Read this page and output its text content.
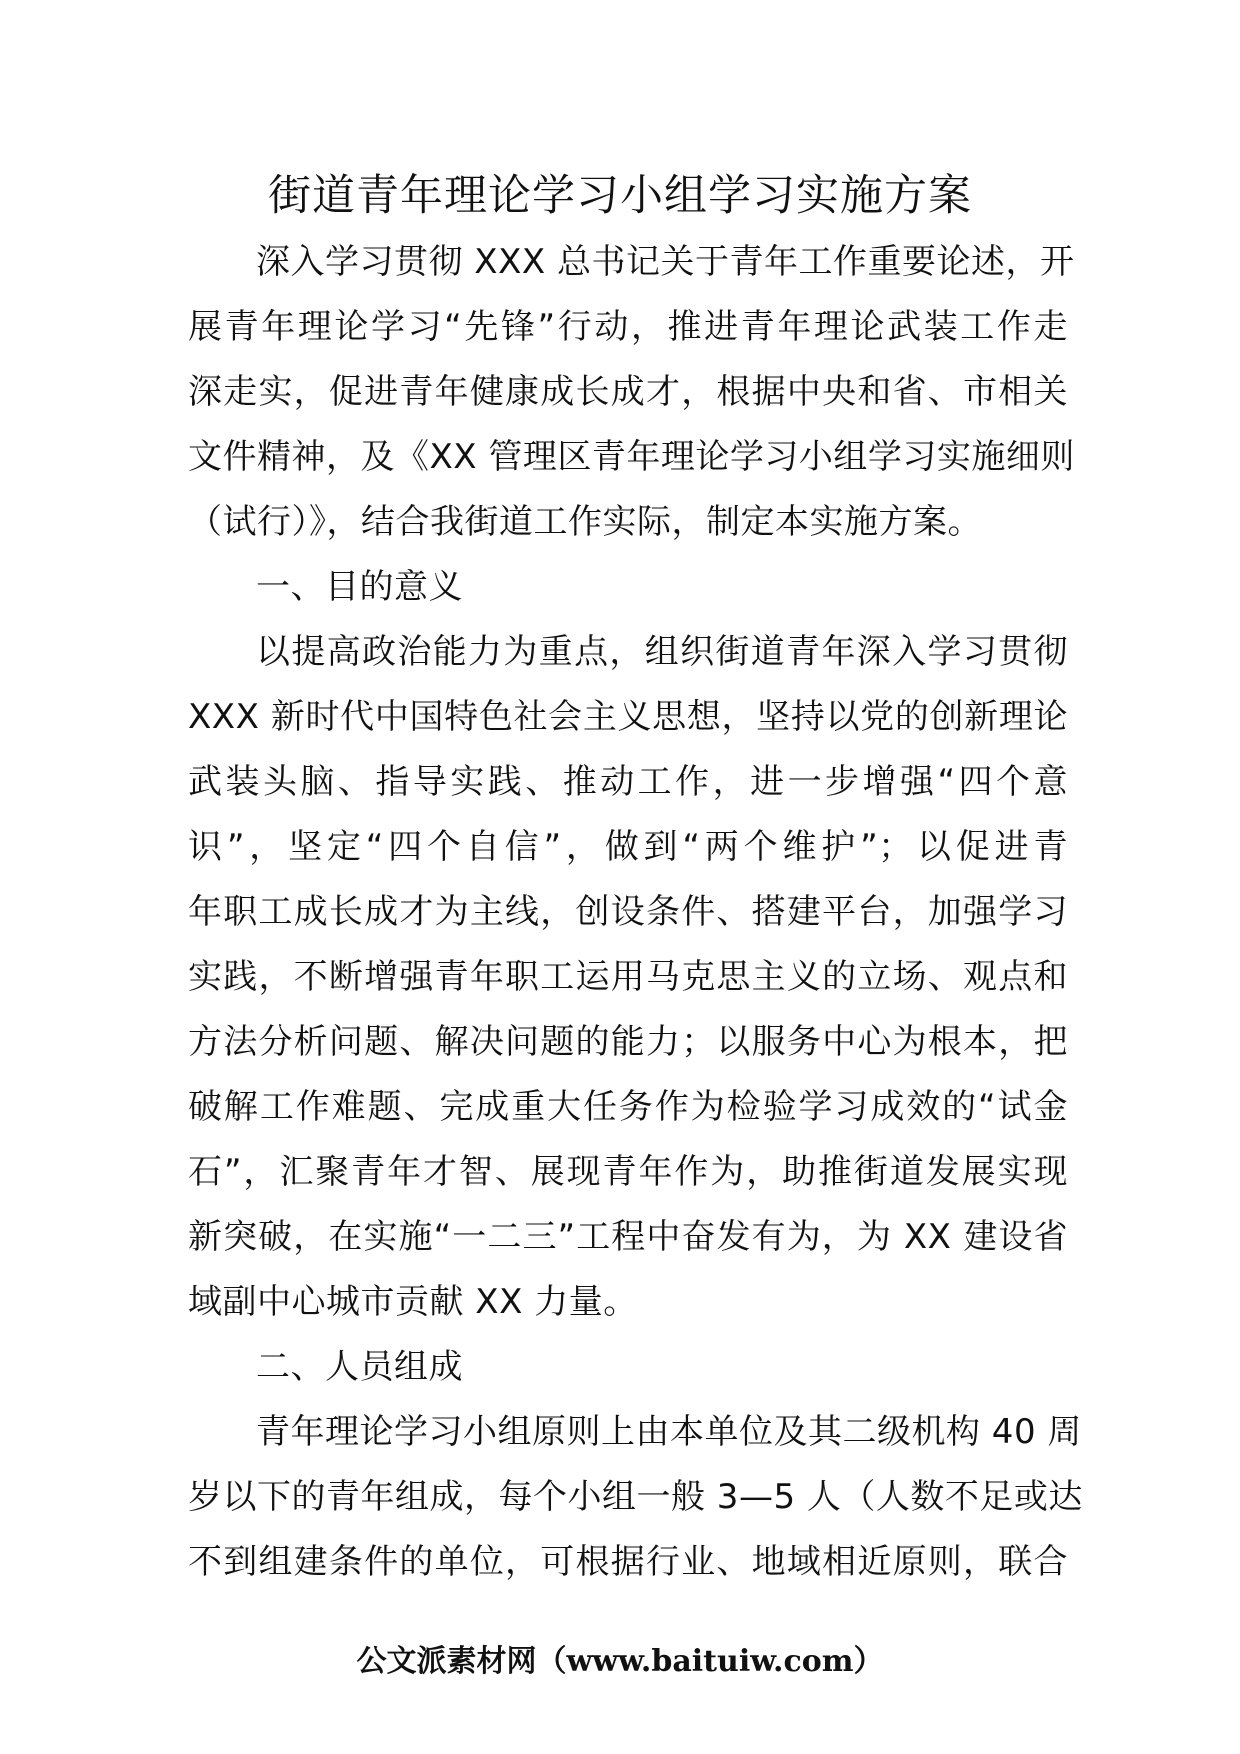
街道青年理论学习小组学习实施方案
深入学习贯彻 XXX 总书记关于青年工作重要论述，开
展青年理论学习“先锋”行动，推进青年理论武装工作走
深走实，促进青年健康成长成才，根据中央和省、市相关
文件精神，及《XX 管理区青年理论学习小组学习实施细则
（试行）》，结合我街道工作实际，制定本实施方案。
一、目的意义
以提高政治能力为重点，组织街道青年深入学习贯彻
XXX 新时代中国特色社会主义思想，坚持以党的创新理论
武装头脑、指导实践、推动工作，进一步增强“四个意
识”，坚定“四个自信”，做到“两个维护”；以促进青
年职工成长成才为主线，创设条件、搭建平台，加强学习
实践，不断增强青年职工运用马克思主义的立场、观点和
方法分析问题、解决问题的能力；以服务中心为根本，把
破解工作难题、完成重大任务作为检验学习成效的“试金
石”，汇聚青年才智、展现青年作为，助推街道发展实现
新突破，在实施“一二三”工程中奋发有为，为 XX 建设省
域副中心城市贡献 XX 力量。
二、人员组成
青年理论学习小组原则上由本单位及其二级机构 40 周
岁以下的青年组成，每个小组一般 3—5 人（人数不足或达
不到组建条件的单位，可根据行业、地域相近原则，联合
公文派素材网（www.baituiw.com）
